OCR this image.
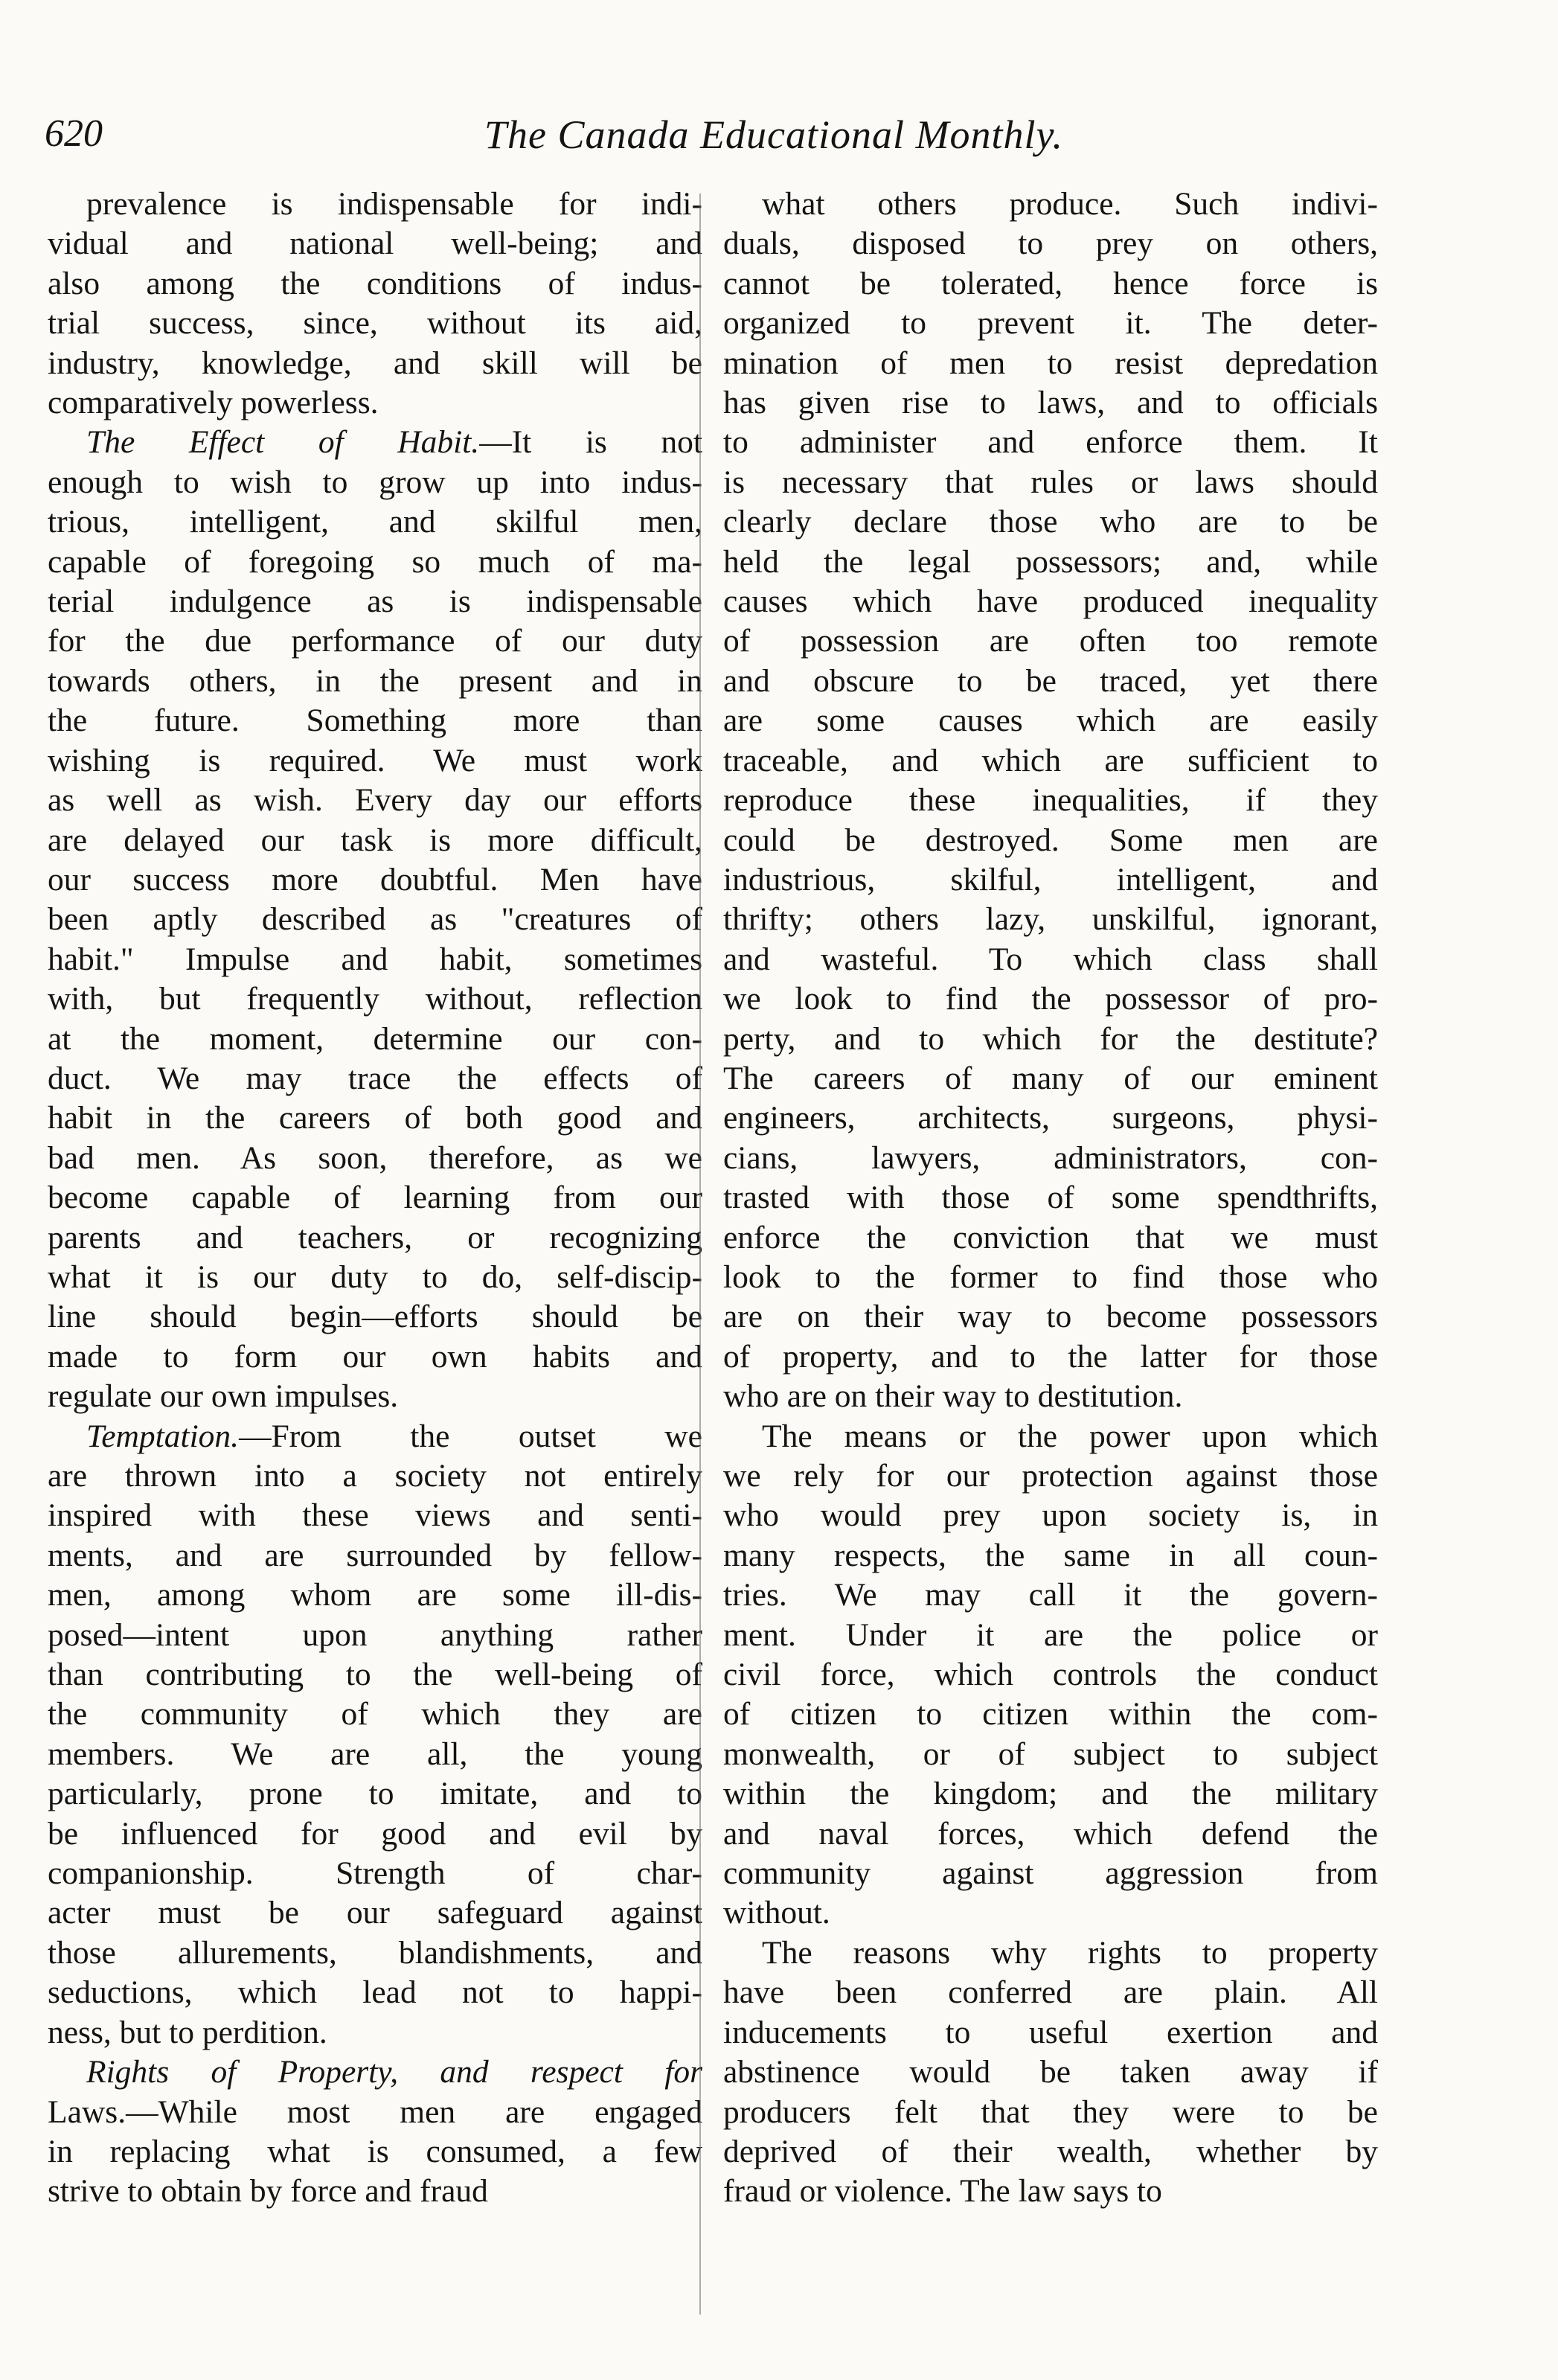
620	The Canada Educational Monthly.
prevalence is indispensable for indi-
vidual and national well-being; and
also among the conditions of indus-
trial success, since, without its aid,
industry, knowledge, and skill will be
comparatively powerless.
The Effect of Habit.—It is not
enough to wish to grow up into indus-
trious, intelligent, and skilful men,
capable of foregoing so much of ma-
terial indulgence as is indispensable
for the due performance of our duty
towards others, in the present and in
the future. Something more than
wishing is required. We must work
as well as wish. Every day our efforts
are delayed our task is more difficult,
our success more doubtful. Men have
been aptly described as "creatures of
habit." Impulse and habit, sometimes
with, but frequently without, reflection
at the moment, determine our con-
duct. We may trace the effects of
habit in the careers of both good and
bad men. As soon, therefore, as we
become capable of learning from our
parents and teachers, or recognizing
what it is our duty to do, self-discip-
line should begin—efforts should be
made to form our own habits and
regulate our own impulses.
Temptation.—From the outset we
are thrown into a society not entirely
inspired with these views and senti-
ments, and are surrounded by fellow-
men, among whom are some ill-dis-
posed—intent upon anything rather
than contributing to the well-being of
the community of which they are
members. We are all, the young
particularly, prone to imitate, and to
be influenced for good and evil by
companionship. Strength of char-
acter must be our safeguard against
those allurements, blandishments, and
seductions, which lead not to happi-
ness, but to perdition.
Rights of Property, and respect for
Laws.—While most men are engaged
in replacing what is consumed, a few
strive to obtain by force and fraud
what others produce. Such indivi-
duals, disposed to prey on others,
cannot be tolerated, hence force is
organized to prevent it. The deter-
mination of men to resist depredation
has given rise to laws, and to officials
to administer and enforce them. It
is necessary that rules or laws should
clearly declare those who are to be
held the legal possessors; and, while
causes which have produced inequality
of possession are often too remote
and obscure to be traced, yet there
are some causes which are easily
traceable, and which are sufficient to
reproduce these inequalities, if they
could be destroyed. Some men are
industrious, skilful, intelligent, and
thrifty; others lazy, unskilful, ignorant,
and wasteful. To which class shall
we look to find the possessor of pro-
perty, and to which for the destitute?
The careers of many of our eminent
engineers, architects, surgeons, physi-
cians, lawyers, administrators, con-
trasted with those of some spendthrifts,
enforce the conviction that we must
look to the former to find those who
are on their way to become possessors
of property, and to the latter for those
who are on their way to destitution.
The means or the power upon which
we rely for our protection against those
who would prey upon society is, in
many respects, the same in all coun-
tries. We may call it the govern-
ment. Under it are the police or
civil force, which controls the conduct
of citizen to citizen within the com-
monwealth, or of subject to subject
within the kingdom; and the military
and naval forces, which defend the
community against aggression from
without.
The reasons why rights to property
have been conferred are plain. All
inducements to useful exertion and
abstinence would be taken away if
producers felt that they were to be
deprived of their wealth, whether by
fraud or violence. The law says to
